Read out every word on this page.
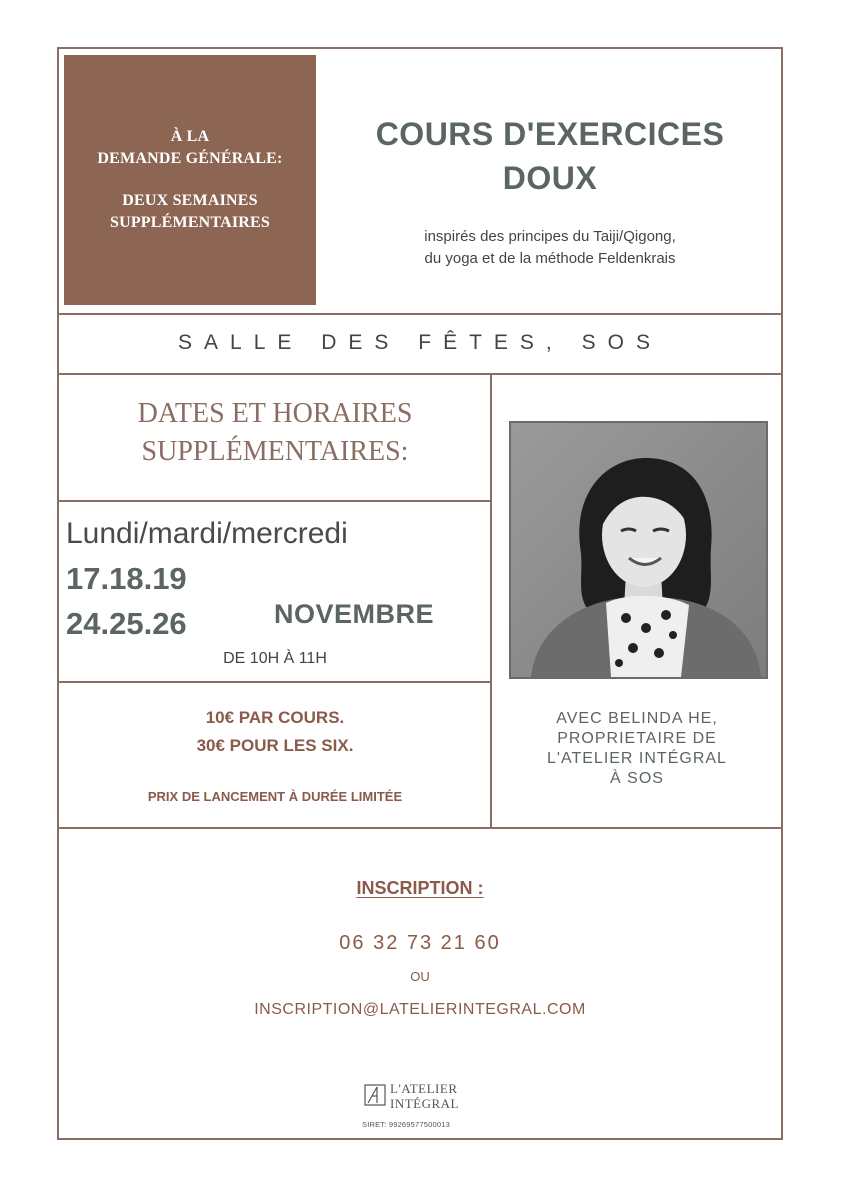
À LA
DEMANDE GÉNÉRALE:
DEUX SEMAINES
SUPPLÉMENTAIRES
COURS D'EXERCICES
DOUX
inspirés des principes du Taiji/Qigong,
du yoga et de la méthode Feldenkrais
SALLE DES FÊTES, SOS
DATES ET HORAIRES
SUPPLÉMENTAIRES:
Lundi/mardi/mercredi
17.18.19
24.25.26	NOVEMBRE
DE 10H À 11H
10€ PAR COURS.
30€ POUR LES SIX.
PRIX DE LANCEMENT À DURÉE LIMITÉE
AVEC BELINDA HE,
PROPRIETAIRE DE
L'ATELIER INTÉGRAL
À SOS
INSCRIPTION :
06 32 73 21 60
OU
INSCRIPTION@LATELIERINTEGRAL.COM
L'ATELIER
INTÉGRAL
SIRET: 99269577500013
